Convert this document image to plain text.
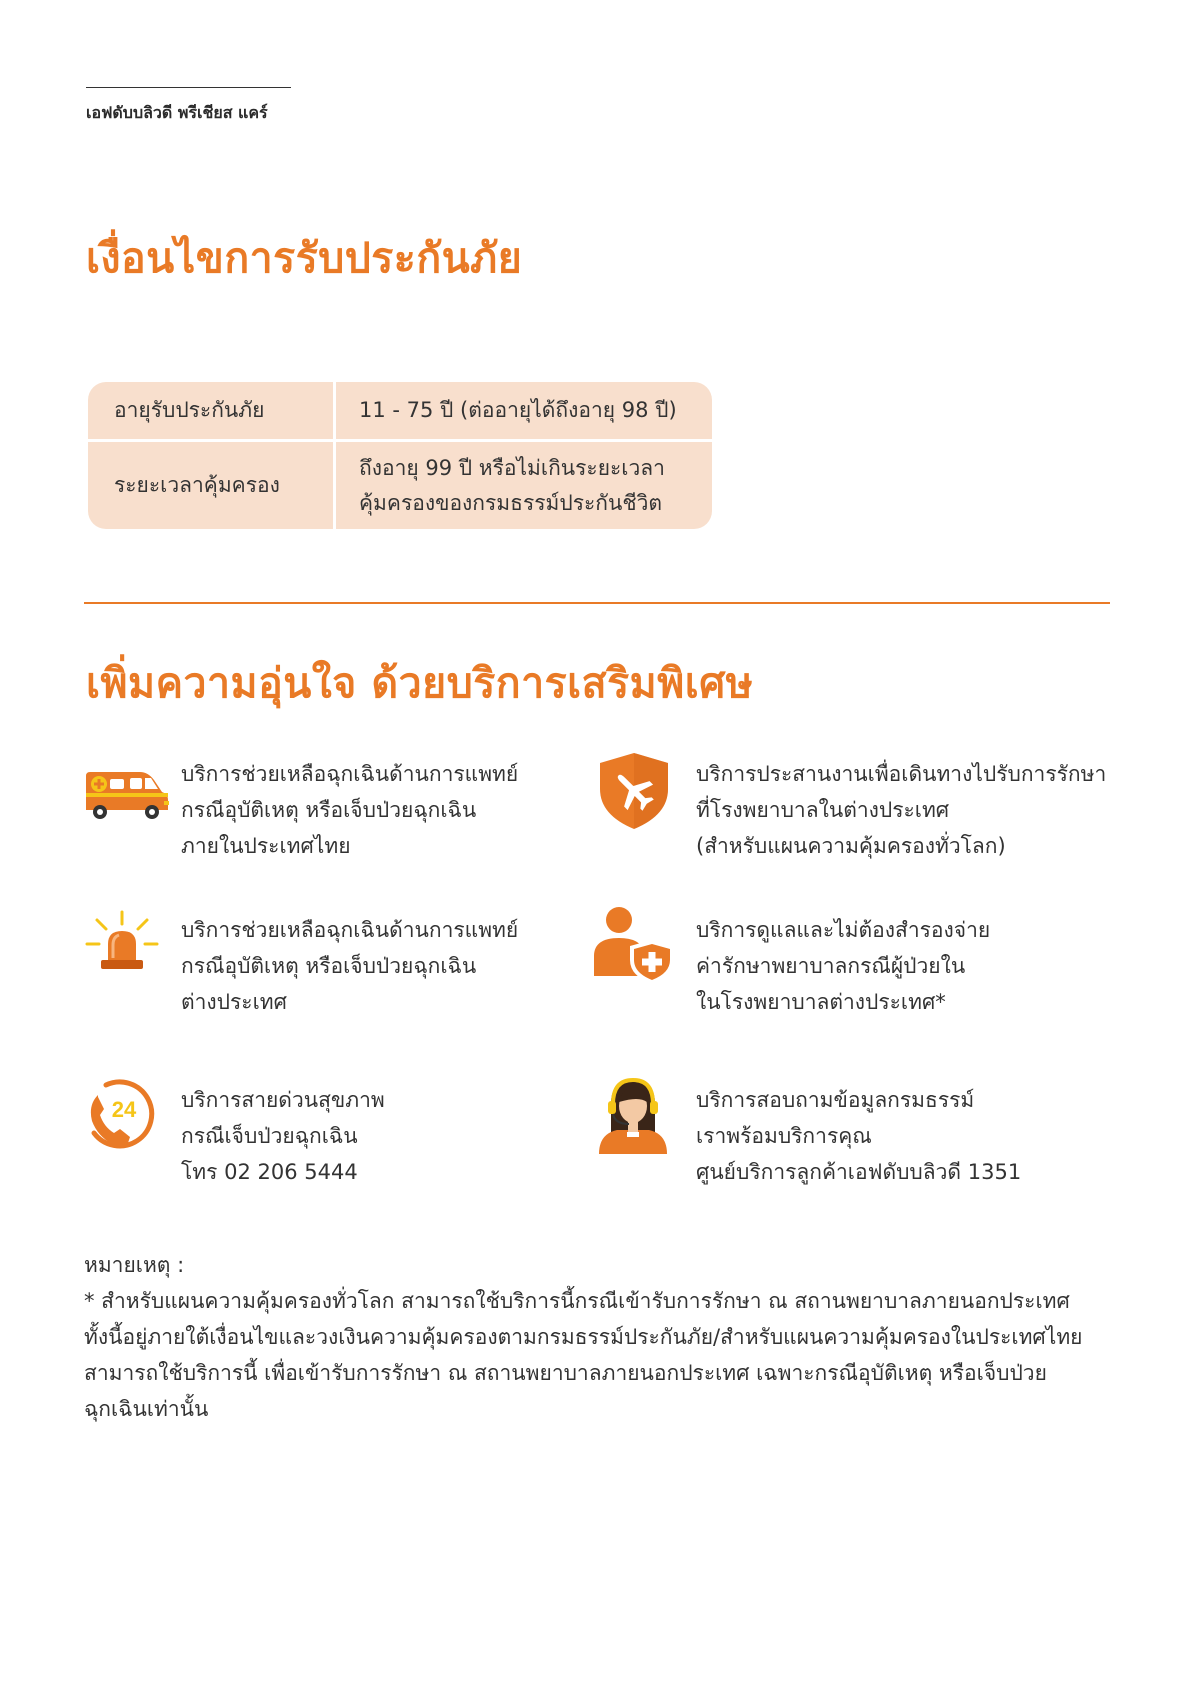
เอฟดับบลิวดี พรีเชียส แคร์
เงื่อนไขการรับประกันภัย
อายุรับประกันภัย	11 - 75 ปี (ต่ออายุได้ถึงอายุ 98 ปี)
ระยะเวลาคุ้มครอง
ถึงอายุ 99 ปี หรือไม่เกินระยะเวลา
คุ้มครองของกรมธรรม์ประกันชีวิต
เพิ่มความอุ่นใจ ด้วยบริการเสริมพิเศษ
บริการช่วยเหลือฉุกเฉินด้านการแพทย์
กรณีอุบัติเหตุ หรือเจ็บป่วยฉุกเฉิน
ภายในประเทศไทย
บริการประสานงานเพื่อเดินทางไปรับการรักษา
ที่โรงพยาบาลในต่างประเทศ
(สำหรับแผนความคุ้มครองทั่วโลก)
บริการช่วยเหลือฉุกเฉินด้านการแพทย์
กรณีอุบัติเหตุ หรือเจ็บป่วยฉุกเฉิน
ต่างประเทศ
บริการดูแลและไม่ต้องสำรองจ่าย
ค่ารักษาพยาบาลกรณีผู้ป่วยใน
ในโรงพยาบาลต่างประเทศ*
24 บริการสายด่วนสุขภาพ
กรณีเจ็บป่วยฉุกเฉิน
โทร 02 206 5444
บริการสอบถามข้อมูลกรมธรรม์
เราพร้อมบริการคุณ
ศูนย์บริการลูกค้าเอฟดับบลิวดี 1351
หมายเหตุ :
* สำหรับแผนความคุ้มครองทั่วโลก สามารถใช้บริการนี้กรณีเข้ารับการรักษา ณ สถานพยาบาลภายนอกประเทศ
ทั้งนี้อยู่ภายใต้เงื่อนไขและวงเงินความคุ้มครองตามกรมธรรม์ประกันภัย/สำหรับแผนความคุ้มครองในประเทศไทย
สามารถใช้บริการนี้ เพื่อเข้ารับการรักษา ณ สถานพยาบาลภายนอกประเทศ เฉพาะกรณีอุบัติเหตุ หรือเจ็บป่วย
ฉุกเฉินเท่านั้น
